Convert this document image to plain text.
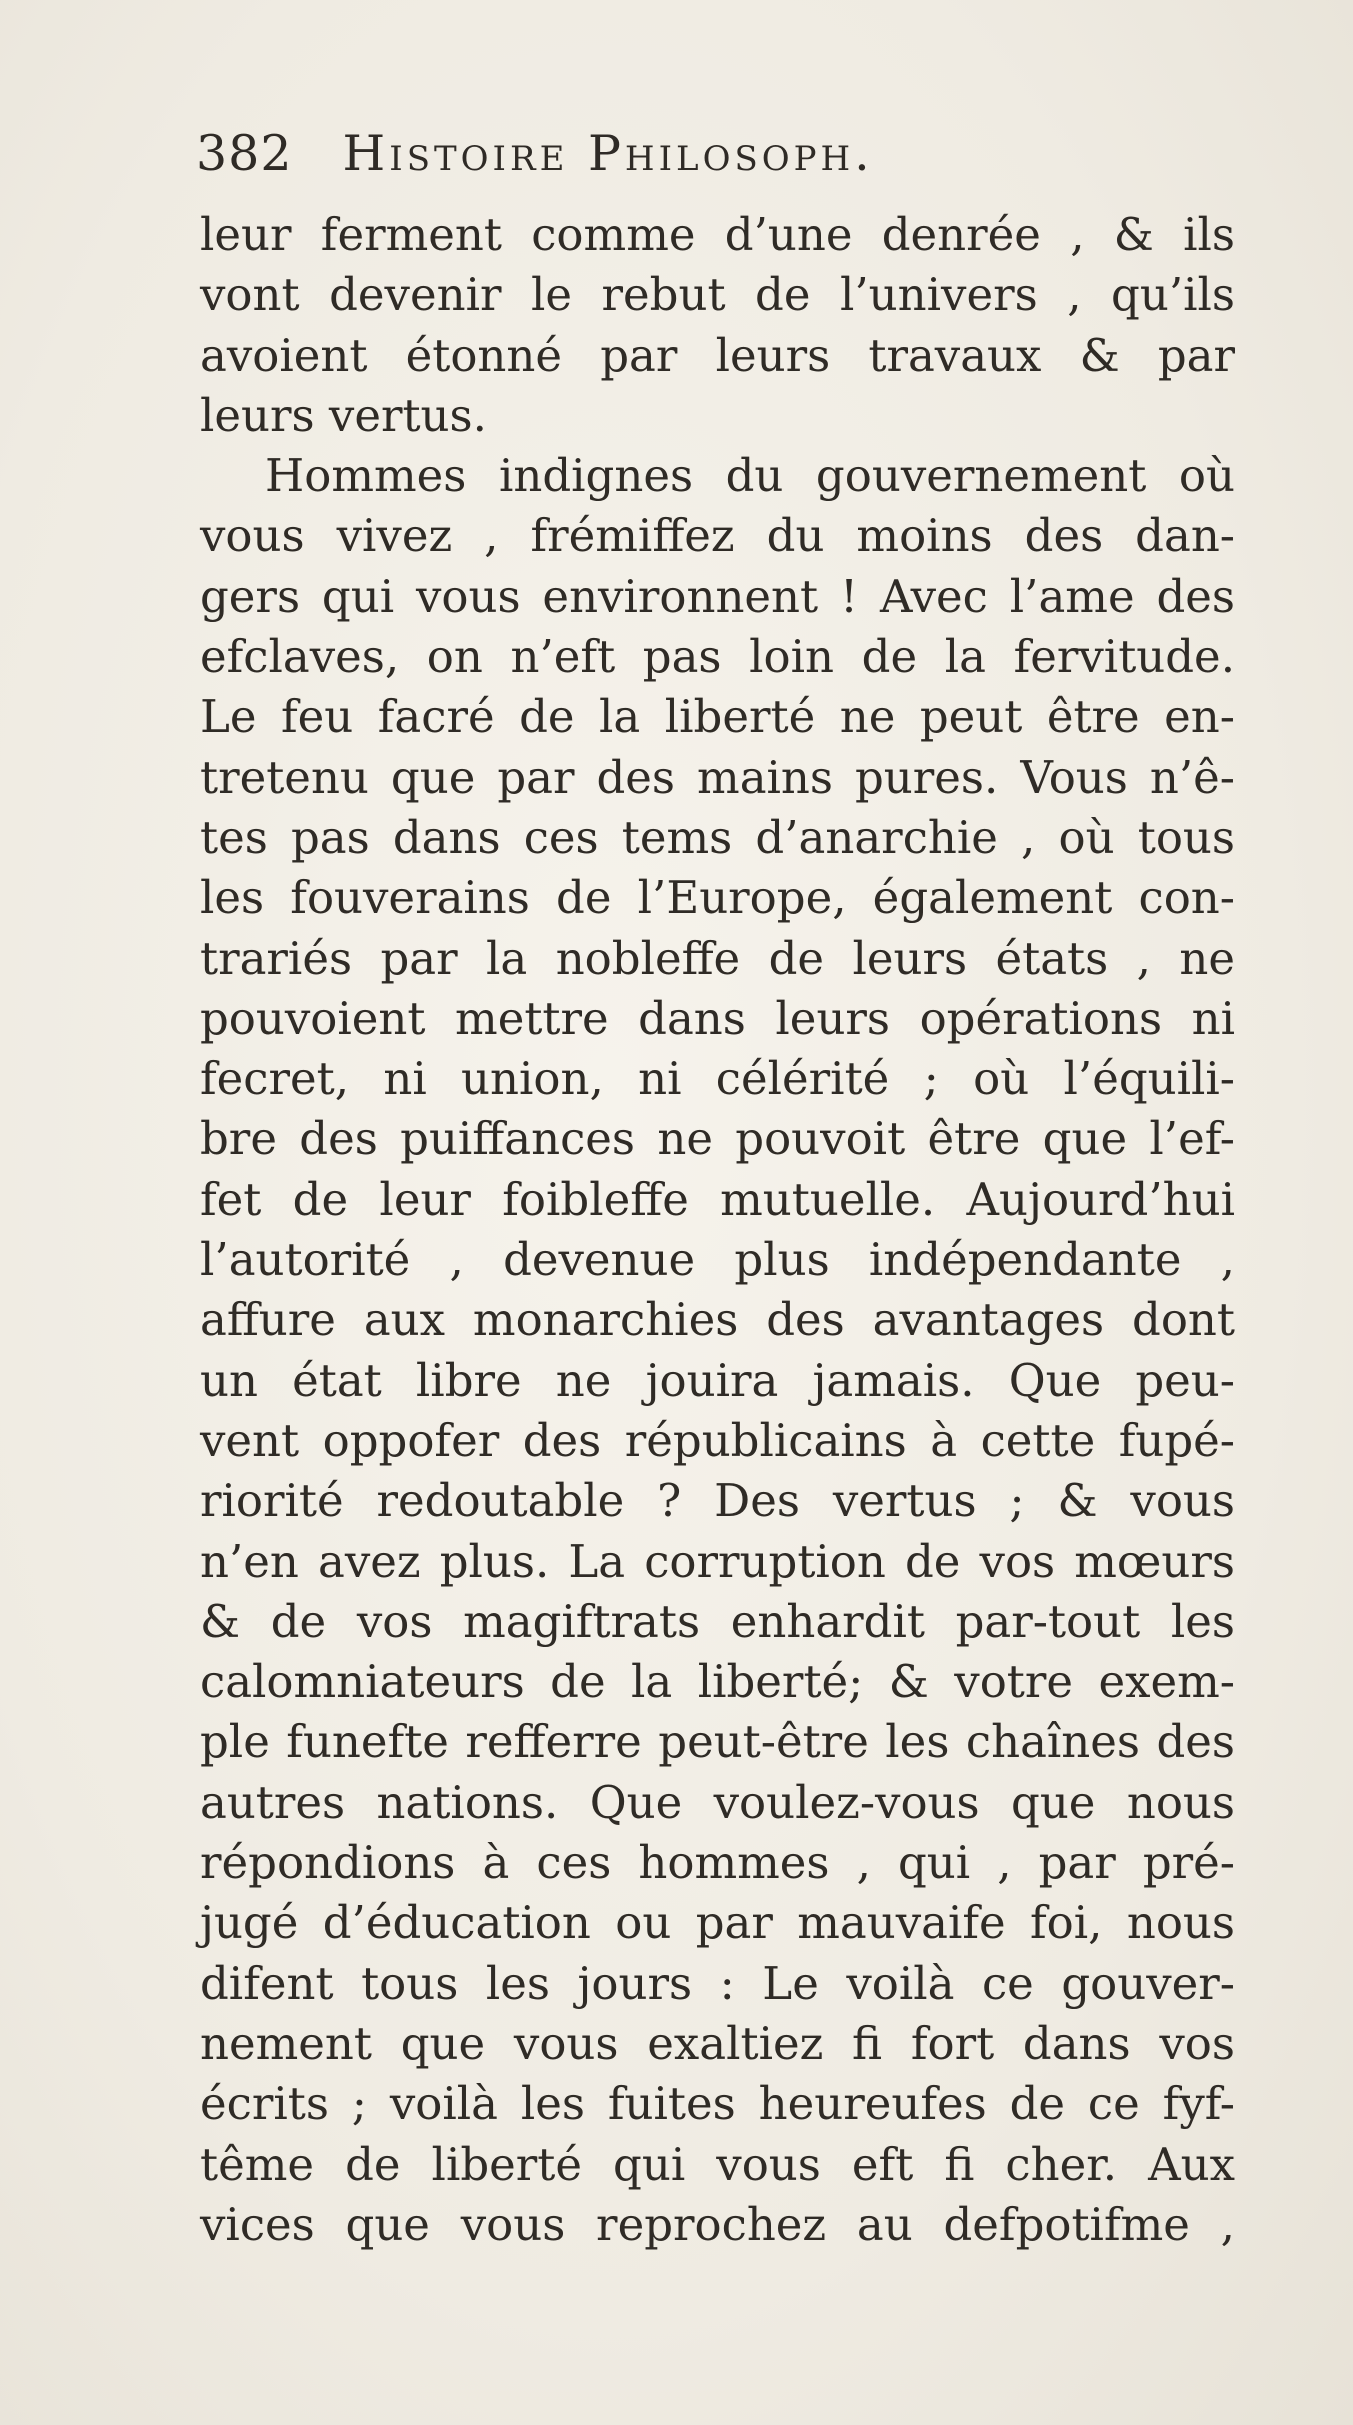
382 Histoire Philosoph.
leur ferment comme d’une denrée , & ils
vont devenir le rebut de l’univers , qu’ils
avoient étonné par leurs travaux & par
leurs vertus.
Hommes indignes du gouvernement où
vous vivez , frémiffez du moins des dan-
gers qui vous environnent ! Avec l’ame des
efclaves, on n’eft pas loin de la fervitude.
Le feu facré de la liberté ne peut être en-
tretenu que par des mains pures. Vous n’ê-
tes pas dans ces tems d’anarchie , où tous
les fouverains de l’Europe, également con-
trariés par la nobleffe de leurs états , ne
pouvoient mettre dans leurs opérations ni
fecret, ni union, ni célérité ; où l’équili-
bre des puiffances ne pouvoit être que l’ef-
fet de leur foibleffe mutuelle. Aujourd’hui
l’autorité , devenue plus indépendante ,
affure aux monarchies des avantages dont
un état libre ne jouira jamais. Que peu-
vent oppofer des républicains à cette fupé-
riorité redoutable ? Des vertus ; & vous
n’en avez plus. La corruption de vos mœurs
& de vos magiftrats enhardit par-tout les
calomniateurs de la liberté; & votre exem-
ple funefte refferre peut-être les chaînes des
autres nations. Que voulez-vous que nous
répondions à ces hommes , qui , par pré-
jugé d’éducation ou par mauvaife foi, nous
difent tous les jours : Le voilà ce gouver-
nement que vous exaltiez fi fort dans vos
écrits ; voilà les fuites heureufes de ce fyf-
tême de liberté qui vous eft fi cher. Aux
vices que vous reprochez au defpotifme ,
